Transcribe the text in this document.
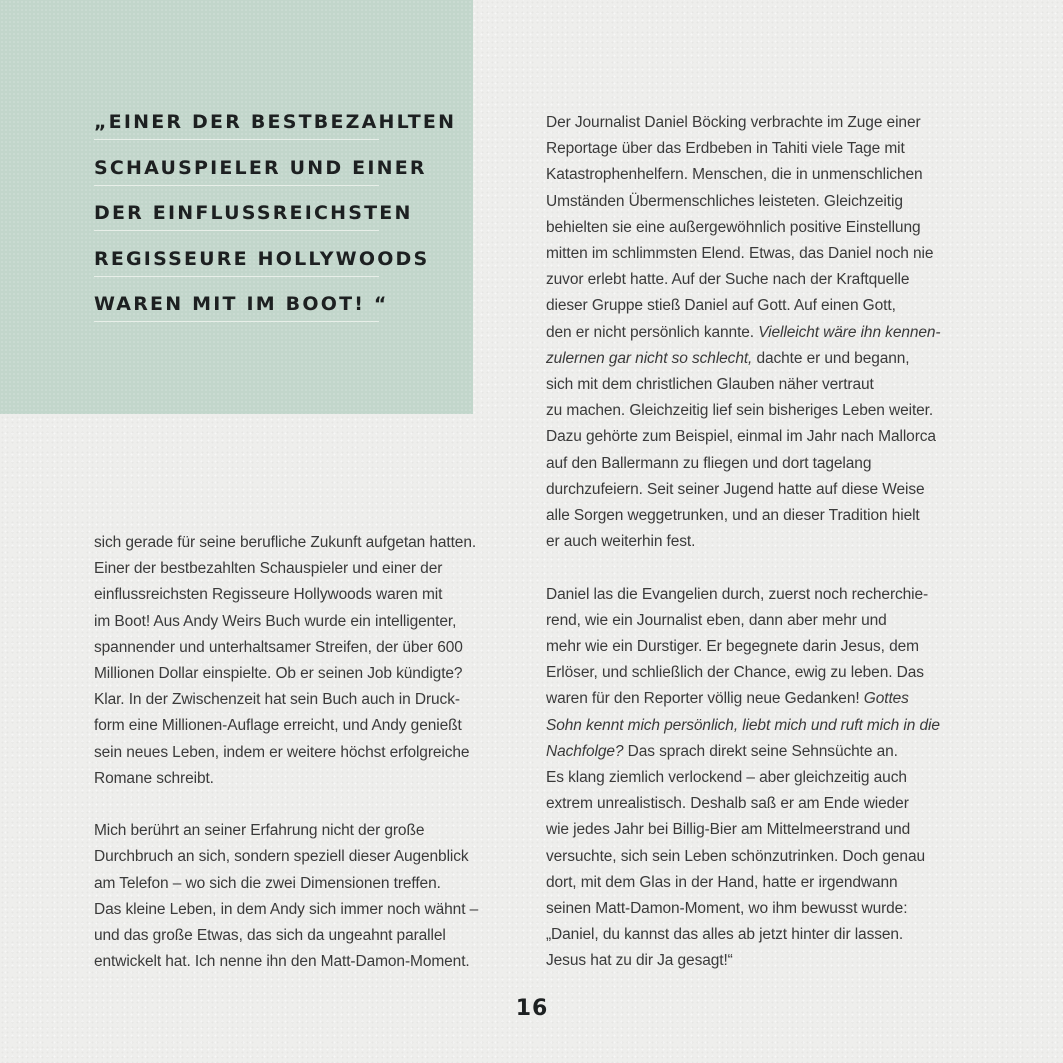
„EINER DER BESTBEZAHLTEN
SCHAUSPIELER UND EINER
DER EINFLUSSREICHSTEN
REGISSEURE HOLLYWOODS
WAREN MIT IM BOOT! “

sich gerade für seine berufliche Zukunft aufgetan hatten.
Einer der bestbezahlten Schauspieler und einer der
einflussreichsten Regisseure Hollywoods waren mit
im Boot! Aus Andy Weirs Buch wurde ein intelligenter,
spannender und unterhaltsamer Streifen, der über 600
Millionen Dollar einspielte. Ob er seinen Job kündigte?
Klar. In der Zwischenzeit hat sein Buch auch in Druck-
form eine Millionen-Auflage erreicht, und Andy genießt
sein neues Leben, indem er weitere höchst erfolgreiche
Romane schreibt.

Mich berührt an seiner Erfahrung nicht der große
Durchbruch an sich, sondern speziell dieser Augenblick
am Telefon – wo sich die zwei Dimensionen treffen.
Das kleine Leben, in dem Andy sich immer noch wähnt –
und das große Etwas, das sich da ungeahnt parallel
entwickelt hat. Ich nenne ihn den Matt-Damon-Moment.

Der Journalist Daniel Böcking verbrachte im Zuge einer
Reportage über das Erdbeben in Tahiti viele Tage mit
Katastrophenhelfern. Menschen, die in unmenschlichen
Umständen Übermenschliches leisteten. Gleichzeitig
behielten sie eine außergewöhnlich positive Einstellung
mitten im schlimmsten Elend. Etwas, das Daniel noch nie
zuvor erlebt hatte. Auf der Suche nach der Kraftquelle
dieser Gruppe stieß Daniel auf Gott. Auf einen Gott,
den er nicht persönlich kannte. Vielleicht wäre ihn kennen-
zulernen gar nicht so schlecht, dachte er und begann,
sich mit dem christlichen Glauben näher vertraut
zu machen. Gleichzeitig lief sein bisheriges Leben weiter.
Dazu gehörte zum Beispiel, einmal im Jahr nach Mallorca
auf den Ballermann zu fliegen und dort tagelang
durchzufeiern. Seit seiner Jugend hatte auf diese Weise
alle Sorgen weggetrunken, und an dieser Tradition hielt
er auch weiterhin fest.

Daniel las die Evangelien durch, zuerst noch recherchie-
rend, wie ein Journalist eben, dann aber mehr und
mehr wie ein Durstiger. Er begegnete darin Jesus, dem
Erlöser, und schließlich der Chance, ewig zu leben. Das
waren für den Reporter völlig neue Gedanken! Gottes
Sohn kennt mich persönlich, liebt mich und ruft mich in die
Nachfolge? Das sprach direkt seine Sehnsüchte an.
Es klang ziemlich verlockend – aber gleichzeitig auch
extrem unrealistisch. Deshalb saß er am Ende wieder
wie jedes Jahr bei Billig-Bier am Mittelmeerstrand und
versuchte, sich sein Leben schönzutrinken. Doch genau
dort, mit dem Glas in der Hand, hatte er irgendwann
seinen Matt-Damon-Moment, wo ihm bewusst wurde:
„Daniel, du kannst das alles ab jetzt hinter dir lassen.
Jesus hat zu dir Ja gesagt!“

16
